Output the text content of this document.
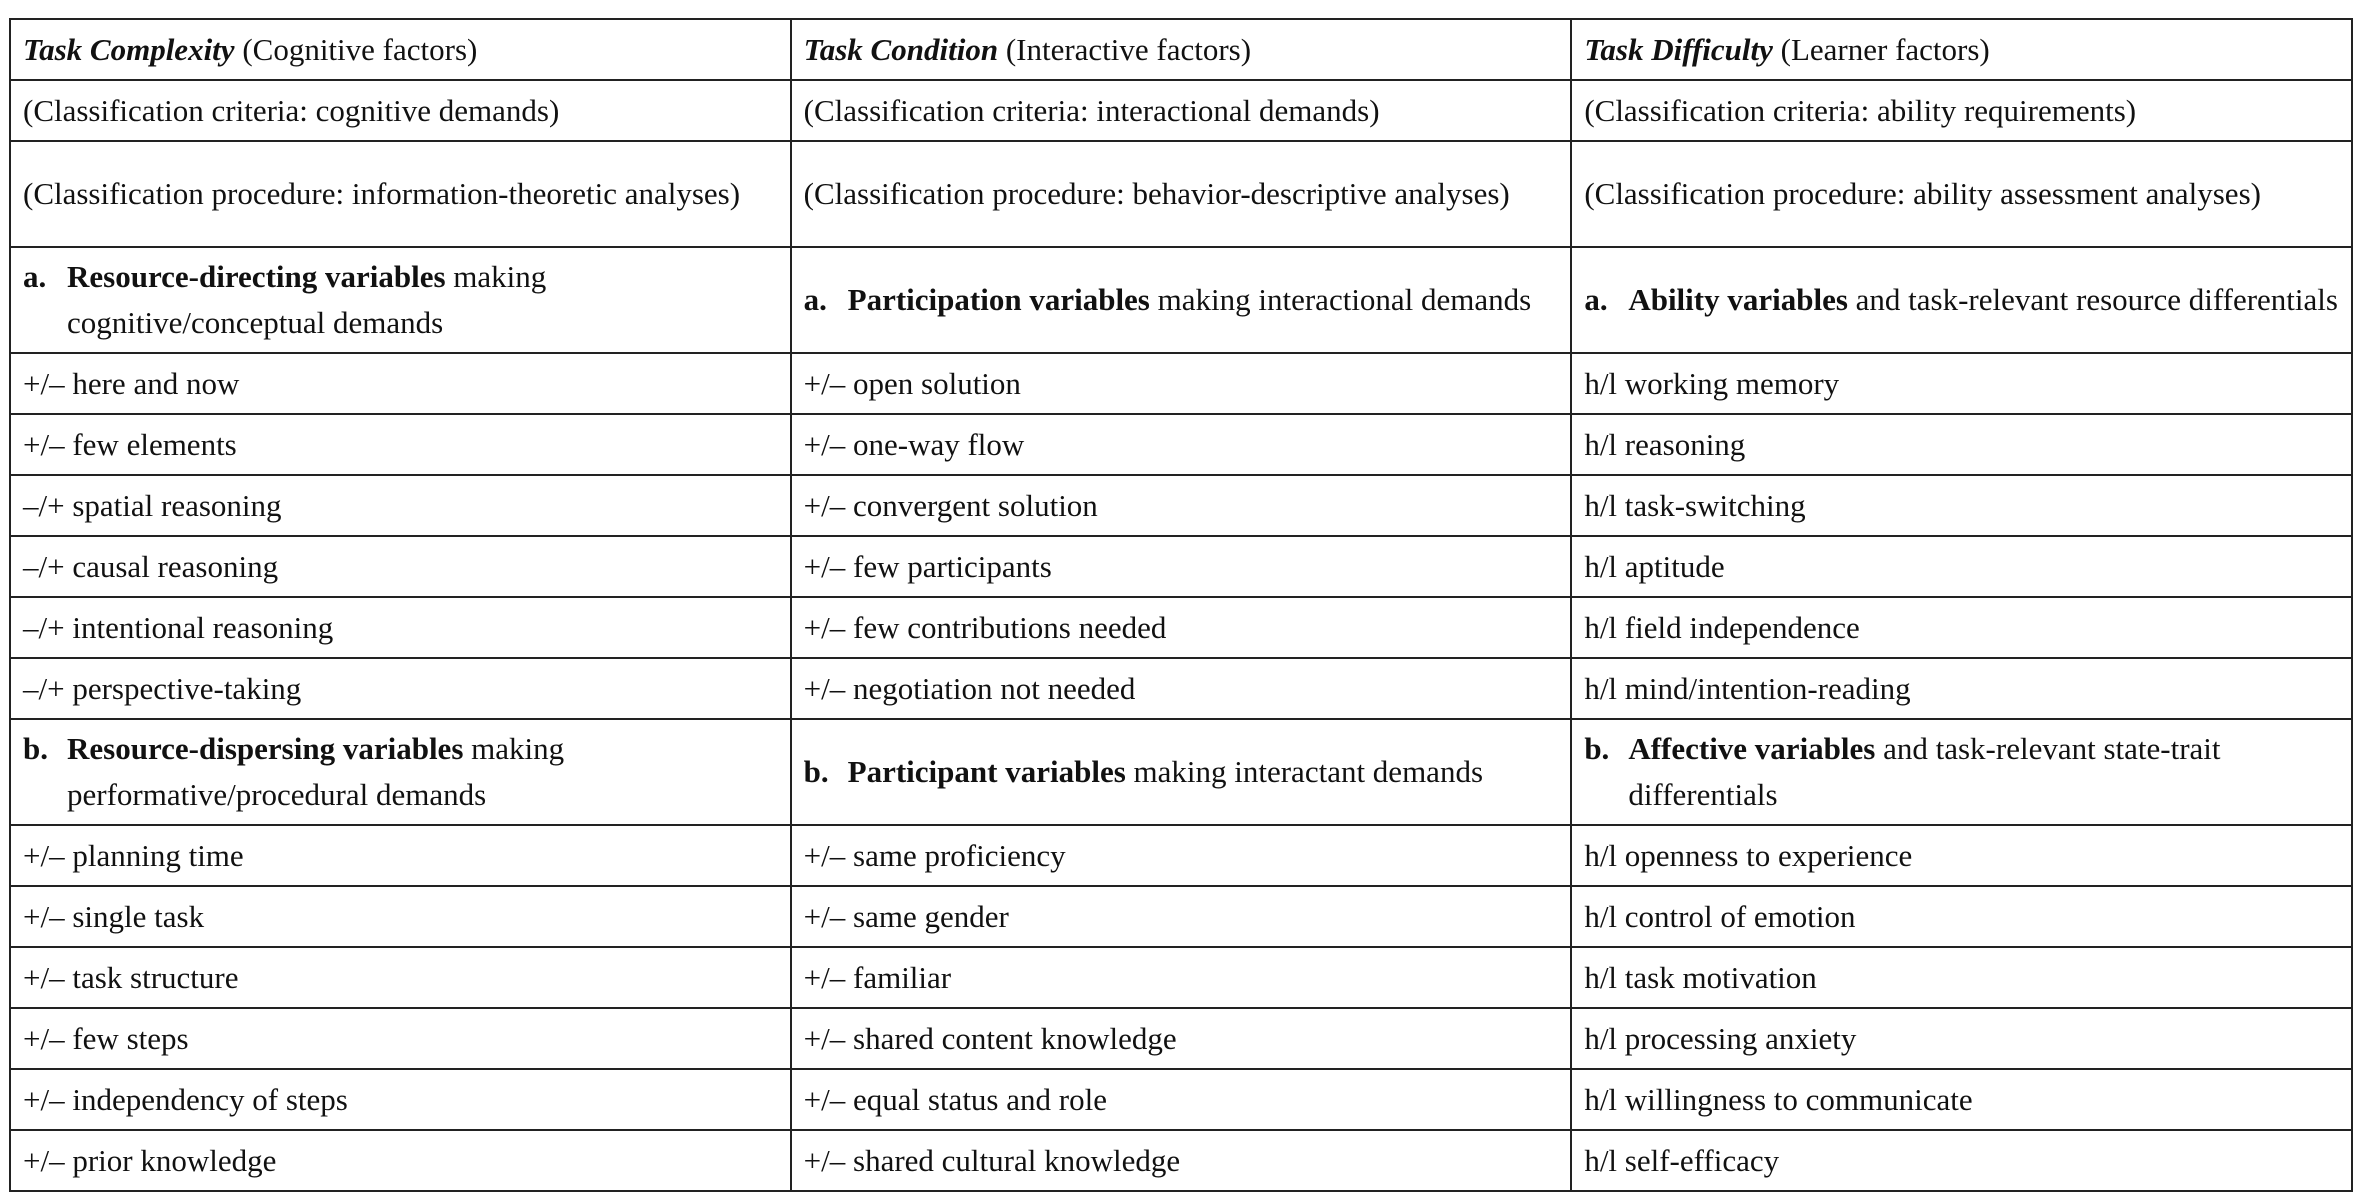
Task Complexity (Cognitive factors)	Task Condition (Interactive factors)	Task Difficulty (Learner factors)
(Classification criteria: cognitive demands)	(Classification criteria: interactional demands)	(Classification criteria: ability requirements)
(Classification procedure: information-theoretic analyses)	(Classification procedure: behavior-descriptive analyses)	(Classification procedure: ability assessment analyses)

a. Resource-directing variables making cognitive/conceptual demands	a. Participation variables making interactional demands	a. Ability variables and task-relevant resource differentials

+/– here and now	+/– open solution	h/l working memory
+/– few elements	+/– one-way flow	h/l reasoning
–/+ spatial reasoning	+/– convergent solution	h/l task-switching
–/+ causal reasoning	+/– few participants	h/l aptitude
–/+ intentional reasoning	+/– few contributions needed	h/l field independence
–/+ perspective-taking	+/– negotiation not needed	h/l mind/intention-reading

b. Resource-dispersing variables making performative/procedural demands	b. Participant variables making interactant demands	b. Affective variables and task-relevant state-trait differentials

+/– planning time	+/– same proficiency	h/l openness to experience
+/– single task	+/– same gender	h/l control of emotion
+/– task structure	+/– familiar	h/l task motivation
+/– few steps	+/– shared content knowledge	h/l processing anxiety
+/– independency of steps	+/– equal status and role	h/l willingness to communicate
+/– prior knowledge	+/– shared cultural knowledge	h/l self-efficacy
